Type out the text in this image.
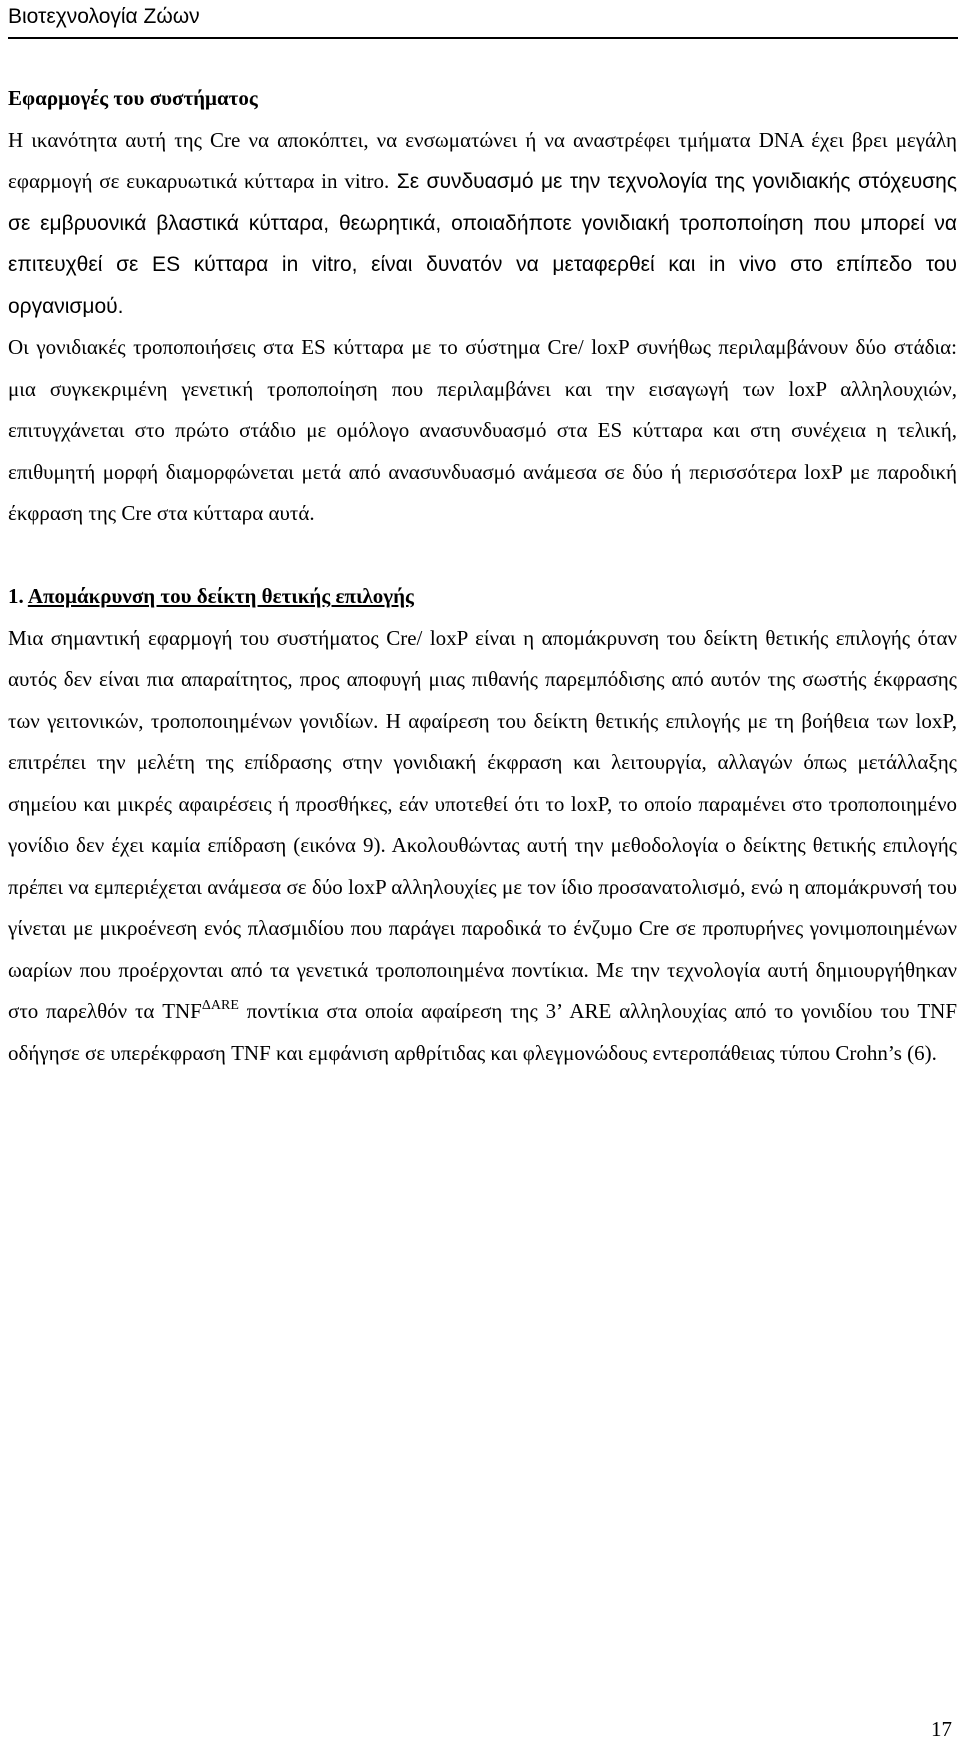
Βιοτεχνολογία Ζώων

Εφαρμογές του συστήματος

Η ικανότητα αυτή της Cre να αποκόπτει, να ενσωματώνει ή να αναστρέφει τμήματα DNA έχει βρει μεγάλη εφαρμογή σε ευκαρυωτικά κύτταρα in vitro. Σε συνδυασμό με την τεχνολογία της γονιδιακής στόχευσης σε εμβρυονικά βλαστικά κύτταρα, θεωρητικά, οποιαδήποτε γονιδιακή τροποποίηση που μπορεί να επιτευχθεί σε ES κύτταρα in vitro, είναι δυνατόν να μεταφερθεί και in vivo στο επίπεδο του οργανισμού.

Οι γονιδιακές τροποποιήσεις στα ES κύτταρα με το σύστημα Cre/ loxP συνήθως περιλαμβάνουν δύο στάδια: μια συγκεκριμένη γενετική τροποποίηση που περιλαμβάνει και την εισαγωγή των loxP αλληλουχιών, επιτυγχάνεται στο πρώτο στάδιο με ομόλογο ανασυνδυασμό στα ES κύτταρα και στη συνέχεια η τελική, επιθυμητή μορφή διαμορφώνεται μετά από ανασυνδυασμό ανάμεσα σε δύο ή περισσότερα loxP με παροδική έκφραση της Cre στα κύτταρα αυτά.

1. Απομάκρυνση του δείκτη θετικής επιλογής

Μια σημαντική εφαρμογή του συστήματος Cre/ loxP είναι η απομάκρυνση του δείκτη θετικής επιλογής όταν αυτός δεν είναι πια απαραίτητος, προς αποφυγή μιας πιθανής παρεμπόδισης από αυτόν της σωστής έκφρασης των γειτονικών, τροποποιημένων γονιδίων. Η αφαίρεση του δείκτη θετικής επιλογής με τη βοήθεια των loxP, επιτρέπει την μελέτη της επίδρασης στην γονιδιακή έκφραση και λειτουργία, αλλαγών όπως μετάλλαξης σημείου και μικρές αφαιρέσεις ή προσθήκες, εάν υποτεθεί ότι το loxP, το οποίο παραμένει στο τροποποιημένο γονίδιο δεν έχει καμία επίδραση (εικόνα 9). Ακολουθώντας αυτή την μεθοδολογία ο δείκτης θετικής επιλογής πρέπει να εμπεριέχεται ανάμεσα σε δύο loxP αλληλουχίες με τον ίδιο προσανατολισμό, ενώ η απομάκρυνσή του γίνεται με μικροένεση ενός πλασμιδίου που παράγει παροδικά το ένζυμο Cre σε προπυρήνες γονιμοποιημένων ωαρίων που προέρχονται από τα γενετικά τροποποιημένα ποντίκια. Με την τεχνολογία αυτή δημιουργήθηκαν στο παρελθόν τα $TNF^{\Delta ARE}$ ποντίκια στα οποία αφαίρεση της 3’ ARE αλληλουχίας από το γονιδίου του TNF οδήγησε σε υπερέκφραση TNF και εμφάνιση αρθρίτιδας και φλεγμονώδους εντεροπάθειας τύπου Crohn’s (6).

17
